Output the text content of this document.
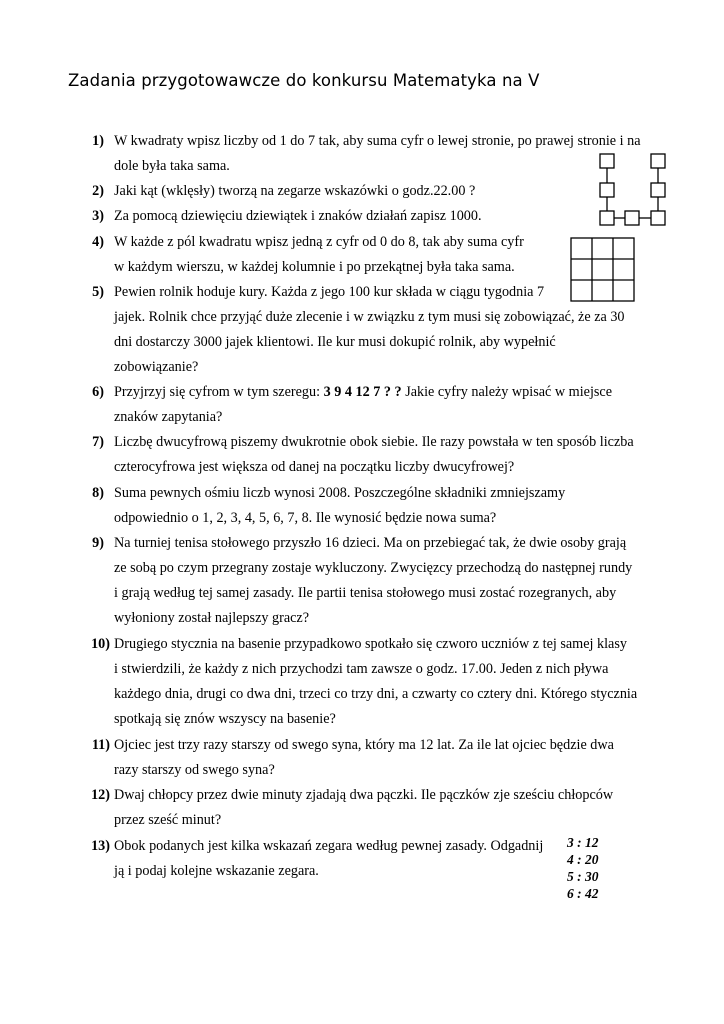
Zadania przygotowawcze do konkursu Matematyka na V
1) W kwadraty wpisz liczby od 1 do 7 tak, aby suma cyfr o lewej stronie, po prawej stronie i na
dole była taka sama.
2) Jaki kąt (wklęsły) tworzą na zegarze wskazówki o godz.22.00 ?
3) Za pomocą dziewięciu dziewiątek i znaków działań zapisz 1000.
4) W każde z pól kwadratu wpisz jedną z cyfr od 0 do 8, tak aby suma cyfr
w każdym wierszu, w każdej kolumnie i po przekątnej była taka sama.
5) Pewien rolnik hoduje kury. Każda z jego 100 kur składa w ciągu tygodnia 7
jajek. Rolnik chce przyjąć duże zlecenie i w związku z tym musi się zobowiązać, że za 30
dni dostarczy 3000 jajek klientowi. Ile kur musi dokupić rolnik, aby wypełnić
zobowiązanie?
6) Przyjrzyj się cyfrom w tym szeregu: 3 9 4 12 7 ? ? Jakie cyfry należy wpisać w miejsce
znaków zapytania?
7) Liczbę dwucyfrową piszemy dwukrotnie obok siebie. Ile razy powstała w ten sposób liczba
czterocyfrowa jest większa od danej na początku liczby dwucyfrowej?
8) Suma pewnych ośmiu liczb wynosi 2008. Poszczególne składniki zmniejszamy
odpowiednio o 1, 2, 3, 4, 5, 6, 7, 8. Ile wynosić będzie nowa suma?
9) Na turniej tenisa stołowego przyszło 16 dzieci. Ma on przebiegać tak, że dwie osoby grają
ze sobą po czym przegrany zostaje wykluczony. Zwycięzcy przechodzą do następnej rundy
i grają według tej samej zasady. Ile partii tenisa stołowego musi zostać rozegranych, aby
wyłoniony został najlepszy gracz?
10) Drugiego stycznia na basenie przypadkowo spotkało się czworo uczniów z tej samej klasy
i stwierdzili, że każdy z nich przychodzi tam zawsze o godz. 17.00. Jeden z nich pływa
każdego dnia, drugi co dwa dni, trzeci co trzy dni, a czwarty co cztery dni. Którego stycznia
spotkają się znów wszyscy na basenie?
11) Ojciec jest trzy razy starszy od swego syna, który ma 12 lat. Za ile lat ojciec będzie dwa
razy starszy od swego syna?
12) Dwaj chłopcy przez dwie minuty zjadają dwa pączki. Ile pączków zje sześciu chłopców
przez sześć minut?
13) Obok podanych jest kilka wskazań zegara według pewnej zasady. Odgadnij
ją i podaj kolejne wskazanie zegara.
3 : 12
4 : 20
5 : 30
6 : 42
